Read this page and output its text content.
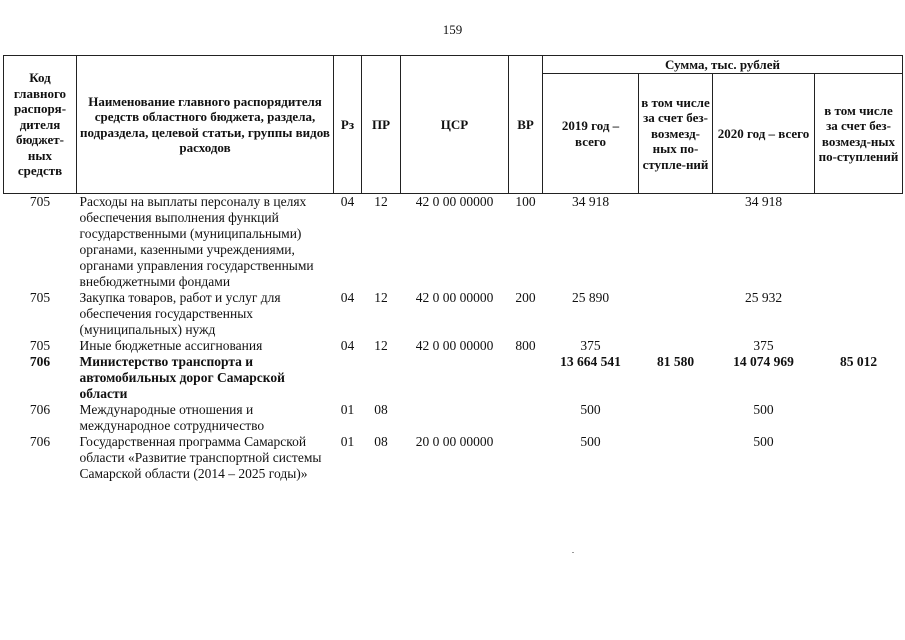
159
Код главного распоря-дителя бюджет-ных средств	Наименование главного распорядителя средств областного бюджета, раздела, подраздела, целевой статьи, группы видов расходов	Рз	ПР	ЦСР	ВР	Сумма, тыс. рублей			
						2019 год – всего	в том числе за счет без-возмезд-ных по-ступле-ний	2020 год – всего	в том числе за счет без-возмезд-ных по-ступлений
705	Расходы на выплаты персоналу в целях обеспечения выполнения функций государственными (муниципальными) органами, казенными учреждениями, органами управления государственными внебюджетными фондами	04	12	42 0 00 00000	100	34 918		34 918	
705	Закупка товаров, работ и услуг для обеспечения государственных (муниципальных) нужд	04	12	42 0 00 00000	200	25 890		25 932	
705	Иные бюджетные ассигнования	04	12	42 0 00 00000	800	375		375	
706	Министерство транспорта и автомобильных дорог Самарской области					13 664 541	81 580	14 074 969	85 012
706	Международные отношения и международное сотрудничество	01	08			500		500	
706	Государственная программа Самарской области «Развитие транспортной системы Самарской области (2014 – 2025 годы)»	01	08	20 0 00 00000		500		500	
